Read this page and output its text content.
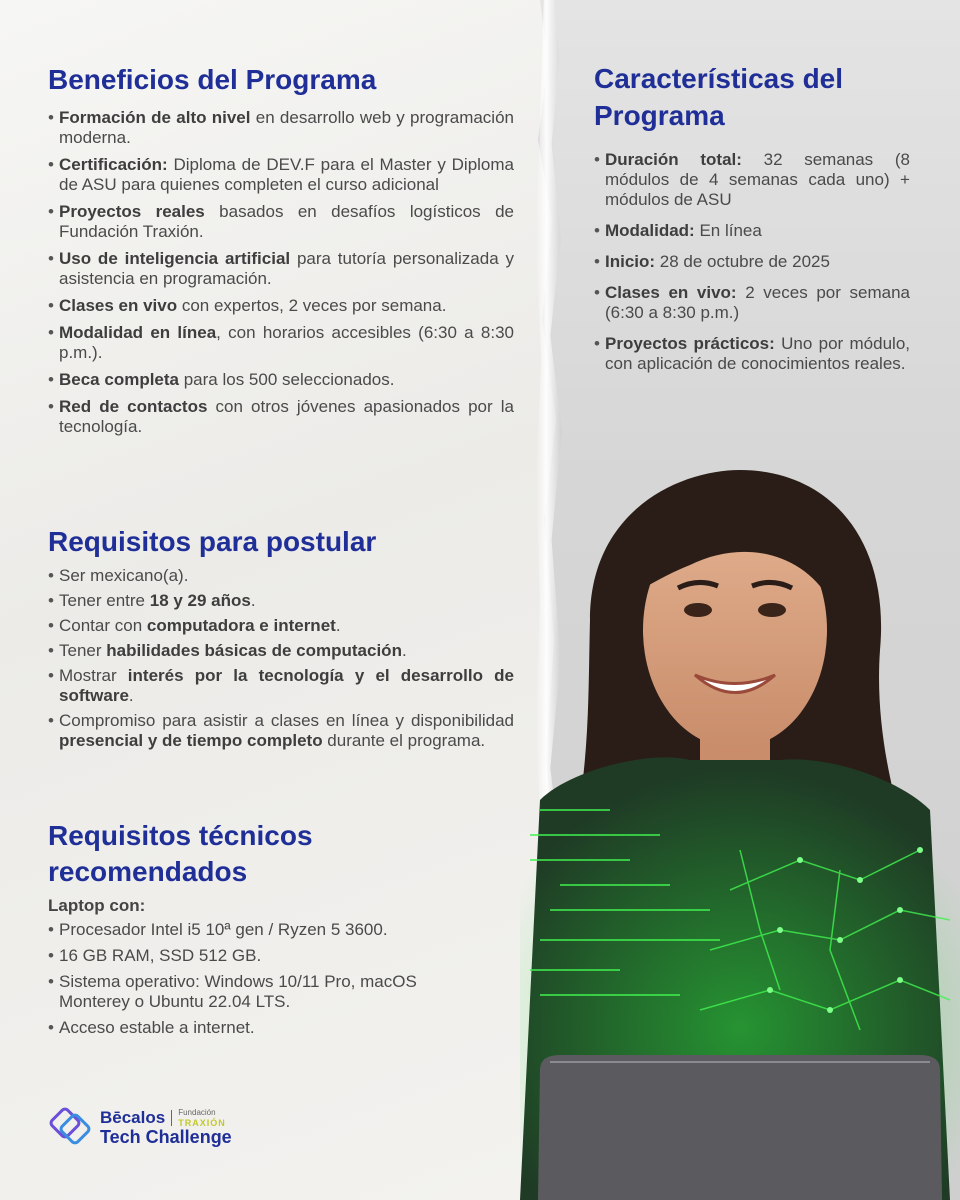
Beneficios del Programa
• Formación de alto nivel en desarrollo web y programación moderna.
• Certificación: Diploma de DEV.F para el Master y Diploma de ASU para quienes completen el curso adicional
• Proyectos reales basados en desafíos logísticos de Fundación Traxión.
• Uso de inteligencia artificial para tutoría personalizada y asistencia en programación.
• Clases en vivo con expertos, 2 veces por semana.
• Modalidad en línea, con horarios accesibles (6:30 a 8:30 p.m.).
• Beca completa para los 500 seleccionados.
• Red de contactos con otros jóvenes apasionados por la tecnología.
Características del
Programa
• Duración total: 32 semanas (8 módulos de 4 semanas cada uno) + módulos de ASU
• Modalidad: En línea
• Inicio: 28 de octubre de 2025
• Clases en vivo: 2 veces por semana (6:30 a 8:30 p.m.)
• Proyectos prácticos: Uno por módulo, con aplicación de conocimientos reales.
Requisitos para postular
• Ser mexicano(a).
• Tener entre 18 y 29 años.
• Contar con computadora e internet.
• Tener habilidades básicas de computación.
• Mostrar interés por la tecnología y el desarrollo de software.
• Compromiso para asistir a clases en línea y disponibilidad presencial y de tiempo completo durante el programa.
Requisitos técnicos
recomendados
Laptop con:
• Procesador Intel i5 10ª gen / Ryzen 5 3600.
• 16 GB RAM, SSD 512 GB.
• Sistema operativo: Windows 10/11 Pro, macOS Monterey o Ubuntu 22.04 LTS.
• Acceso estable a internet.
Bēcalos Fundación
TRAXIÓN
Tech Challenge
